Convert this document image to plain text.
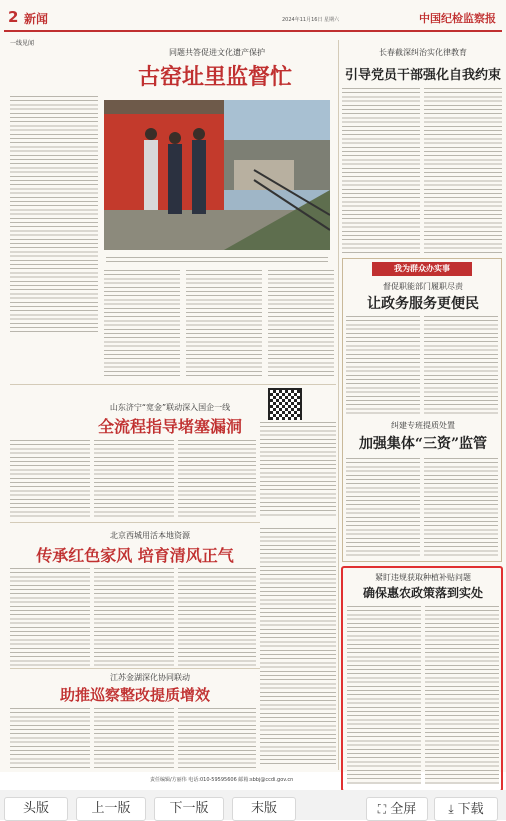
2 新闻	2024年11月16日 星期六	中国纪检监察报
一线见闻
同题共答促进文化遗产保护
古窑址里监督忙
长春截深纠治实化律教育
引导党员干部强化自我约束
我为群众办实事
督促职能部门履职尽责
让政务服务更便民
纠建专班提质处置
加强集体“三资”监管
紧盯违规获取种植补贴问题
确保惠农政策落到实处
山东济宁“宽金”联动深入国企一线
全流程指导堵塞漏洞
北京西城用活本地资源
传承红色家风 培育清风正气
江苏金湖深化协同联动
助推巡察整改提质增效
责任编辑/方丽伟 电话:010-59595606 邮箱:sbbj@ccdi.gov.cn
头版	上一版	下一版	末版	⛶ 全屏	⤓ 下载
